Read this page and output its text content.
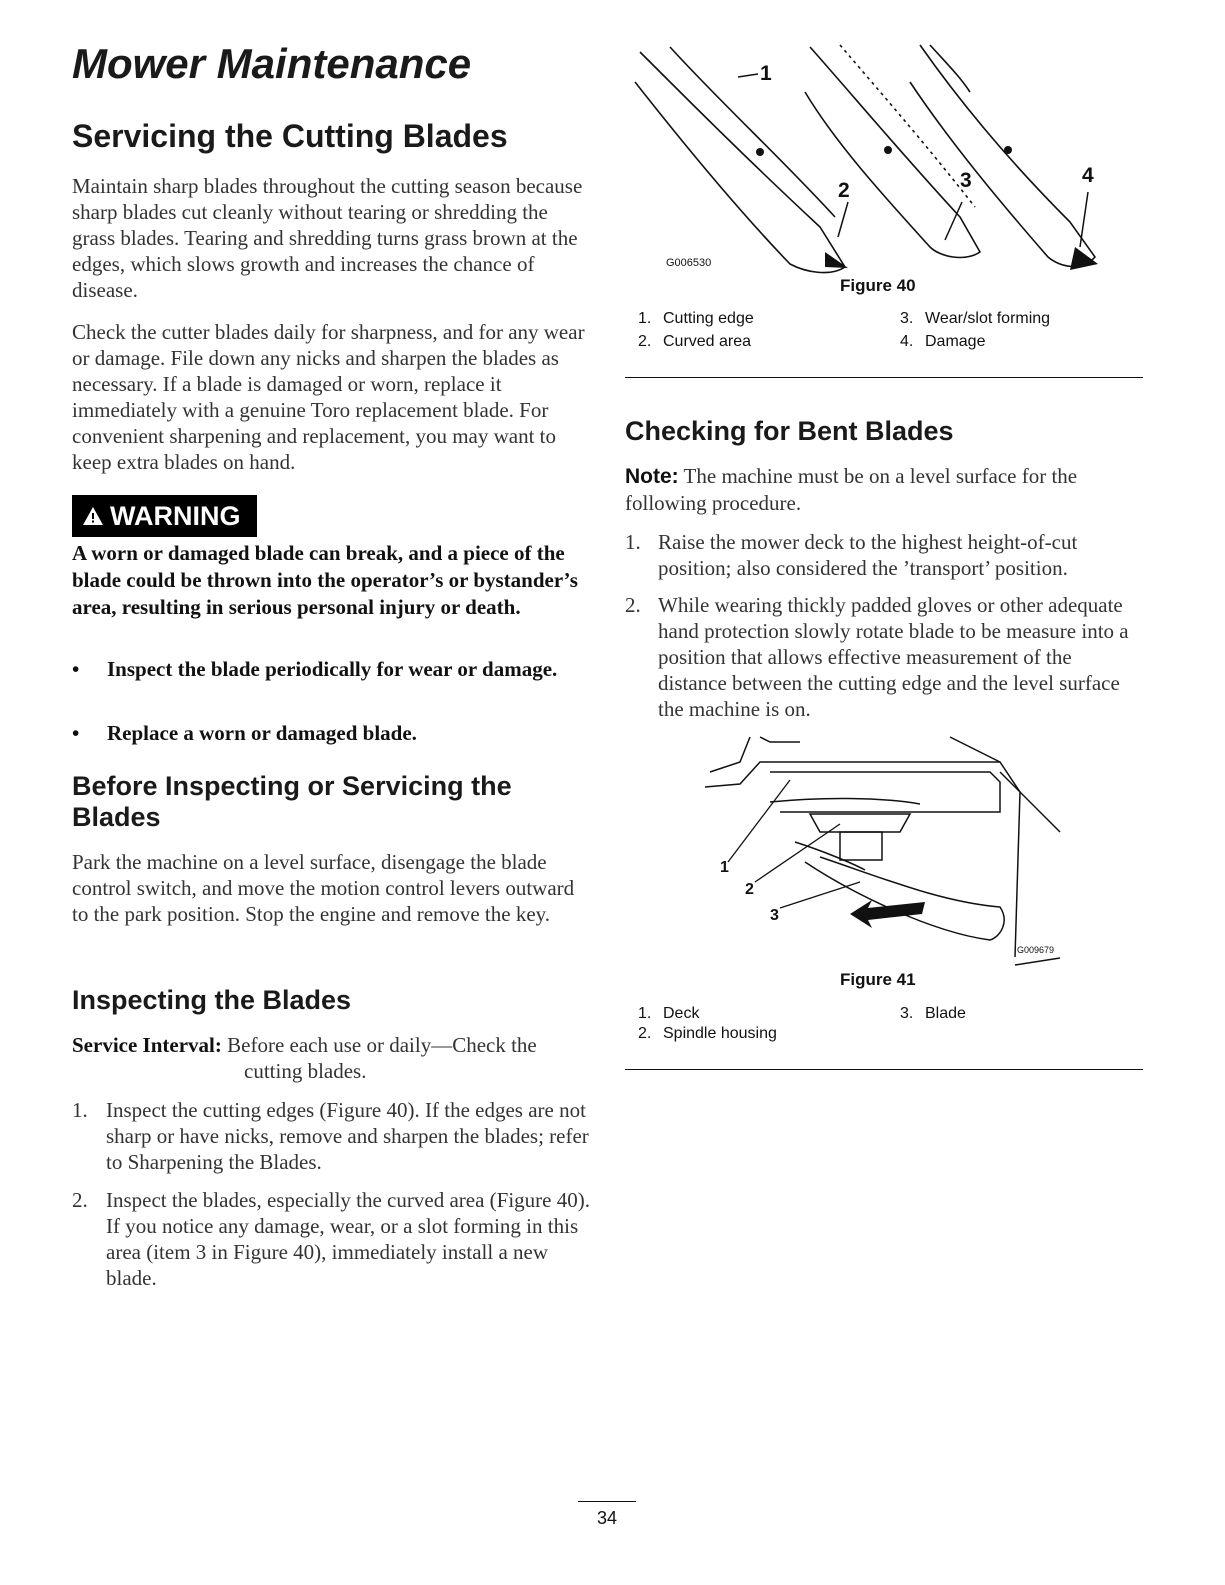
Mower Maintenance
Servicing the Cutting Blades

Maintain sharp blades throughout the cutting season because sharp blades cut cleanly without tearing or shredding the grass blades. Tearing and shredding turns grass brown at the edges, which slows growth and increases the chance of disease.

Check the cutter blades daily for sharpness, and for any wear or damage. File down any nicks and sharpen the blades as necessary. If a blade is damaged or worn, replace it immediately with a genuine Toro replacement blade. For convenient sharpening and replacement, you may want to keep extra blades on hand.

WARNING

A worn or damaged blade can break, and a piece of the blade could be thrown into the operator’s or bystander’s area, resulting in serious personal injury or death.

• Inspect the blade periodically for wear or damage.
• Replace a worn or damaged blade.
Before Inspecting or Servicing the Blades

Park the machine on a level surface, disengage the blade control switch, and move the motion control levers outward to the park position. Stop the engine and remove the key.

Inspecting the Blades

Service Interval: Before each use or daily—Check the
cutting blades.

1. Inspect the cutting edges (Figure 40). If the edges are not sharp or have nicks, remove and sharpen the blades; refer to Sharpening the Blades.
2. Inspect the blades, especially the curved area (Figure 40). If you notice any damage, wear, or a slot forming in this area (item 3 in Figure 40), immediately install a new blade.
1
2	3	4
G006530
Figure 40
1. Cutting edge
2. Curved area
3. Wear/slot forming
4. Damage
Checking for Bent Blades

Note: The machine must be on a level surface for the following procedure.

1. Raise the mower deck to the highest height-of-cut position; also considered the ’transport’ position.
2. While wearing thickly padded gloves or other adequate hand protection slowly rotate blade to be measure into a position that allows effective measurement of the distance between the cutting edge and the level surface the machine is on.
1
2
3
G009679
Figure 41
1. Deck
2. Spindle housing
3. Blade
34
